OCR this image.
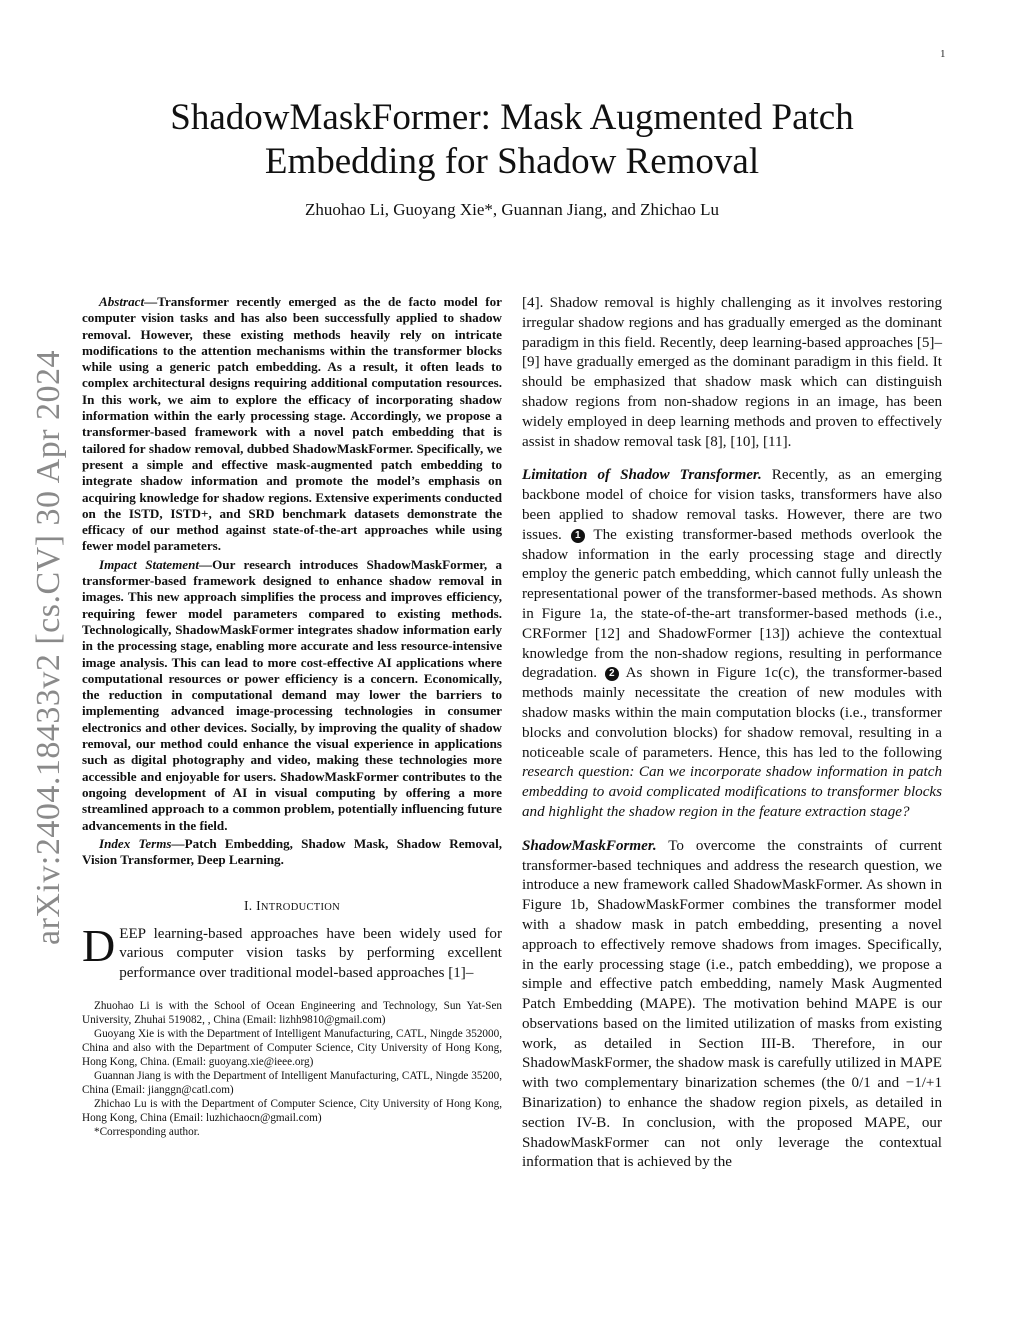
1
arXiv:2404.18433v2 [cs.CV] 30 Apr 2024
ShadowMaskFormer: Mask Augmented Patch Embedding for Shadow Removal
Zhuohao Li, Guoyang Xie*, Guannan Jiang, and Zhichao Lu

Abstract—Transformer recently emerged as the de facto model for computer vision tasks and has also been successfully applied to shadow removal. However, these existing methods heavily rely on intricate modifications to the attention mechanisms within the transformer blocks while using a generic patch embedding. As a result, it often leads to complex architectural designs requiring additional computation resources. In this work, we aim to explore the efficacy of incorporating shadow information within the early processing stage. Accordingly, we propose a transformer-based framework with a novel patch embedding that is tailored for shadow removal, dubbed ShadowMaskFormer. Specifically, we present a simple and effective mask-augmented patch embedding to integrate shadow information and promote the model’s emphasis on acquiring knowledge for shadow regions. Extensive experiments conducted on the ISTD, ISTD+, and SRD benchmark datasets demonstrate the efficacy of our method against state-of-the-art approaches while using fewer model parameters.

Impact Statement—Our research introduces ShadowMaskFormer, a transformer-based framework designed to enhance shadow removal in images. This new approach simplifies the process and improves efficiency, requiring fewer model parameters compared to existing methods. Technologically, ShadowMaskFormer integrates shadow information early in the processing stage, enabling more accurate and less resource-intensive image analysis. This can lead to more cost-effective AI applications where computational resources or power efficiency is a concern. Economically, the reduction in computational demand may lower the barriers to implementing advanced image-processing technologies in consumer electronics and other devices. Socially, by improving the quality of shadow removal, our method could enhance the visual experience in applications such as digital photography and video, making these technologies more accessible and enjoyable for users. ShadowMaskFormer contributes to the ongoing development of AI in visual computing by offering a more streamlined approach to a common problem, potentially influencing future advancements in the field.

Index Terms—Patch Embedding, Shadow Mask, Shadow Removal, Vision Transformer, Deep Learning.

I. INTRODUCTION

DEEP learning-based approaches have been widely used for various computer vision tasks by performing excellent performance over traditional model-based approaches [1]–

Zhuohao Li is with the School of Ocean Engineering and Technology, Sun Yat-Sen University, Zhuhai 519082, , China (Email: lizhh9810@gmail.com)

Guoyang Xie is with the Department of Intelligent Manufacturing, CATL, Ningde 352000, China and also with the Department of Computer Science, City University of Hong Kong, Hong Kong, China. (Email: guoyang.xie@ieee.org)

Guannan Jiang is with the Department of Intelligent Manufacturing, CATL, Ningde 35200, China (Email: jianggn@catl.com)

Zhichao Lu is with the Department of Computer Science, City University of Hong Kong, Hong Kong, China (Email: luzhichaocn@gmail.com)

*Corresponding author.

[4]. Shadow removal is highly challenging as it involves restoring irregular shadow regions and has gradually emerged as the dominant paradigm in this field. Recently, deep learning-based approaches [5]–[9] have gradually emerged as the dominant paradigm in this field. It should be emphasized that shadow mask which can distinguish shadow regions from non-shadow regions in an image, has been widely employed in deep learning methods and proven to effectively assist in shadow removal task [8], [10], [11].

Limitation of Shadow Transformer. Recently, as an emerging backbone model of choice for vision tasks, transformers have also been applied to shadow removal tasks. However, there are two issues. 1 The existing transformer-based methods overlook the shadow information in the early processing stage and directly employ the generic patch embedding, which cannot fully unleash the representational power of the transformer-based methods. As shown in Figure 1a, the state-of-the-art transformer-based methods (i.e., CRFormer [12] and ShadowFormer [13]) achieve the contextual knowledge from the non-shadow regions, resulting in performance degradation. 2 As shown in Figure 1c(c), the transformer-based methods mainly necessitate the creation of new modules with shadow masks within the main computation blocks (i.e., transformer blocks and convolution blocks) for shadow removal, resulting in a noticeable scale of parameters. Hence, this has led to the following research question: Can we incorporate shadow information in patch embedding to avoid complicated modifications to transformer blocks and highlight the shadow region in the feature extraction stage?

ShadowMaskFormer. To overcome the constraints of current transformer-based techniques and address the research question, we introduce a new framework called ShadowMaskFormer. As shown in Figure 1b, ShadowMaskFormer combines the transformer model with a shadow mask in patch embedding, presenting a novel approach to effectively remove shadows from images. Specifically, in the early processing stage (i.e., patch embedding), we propose a simple and effective patch embedding, namely Mask Augmented Patch Embedding (MAPE). The motivation behind MAPE is our observations based on the limited utilization of masks from existing work, as detailed in Section III-B. Therefore, in our ShadowMaskFormer, the shadow mask is carefully utilized in MAPE with two complementary binarization schemes (the 0/1 and −1/+1 Binarization) to enhance the shadow region pixels, as detailed in section IV-B. In conclusion, with the proposed MAPE, our ShadowMaskFormer can not only leverage the contextual information that is achieved by the
